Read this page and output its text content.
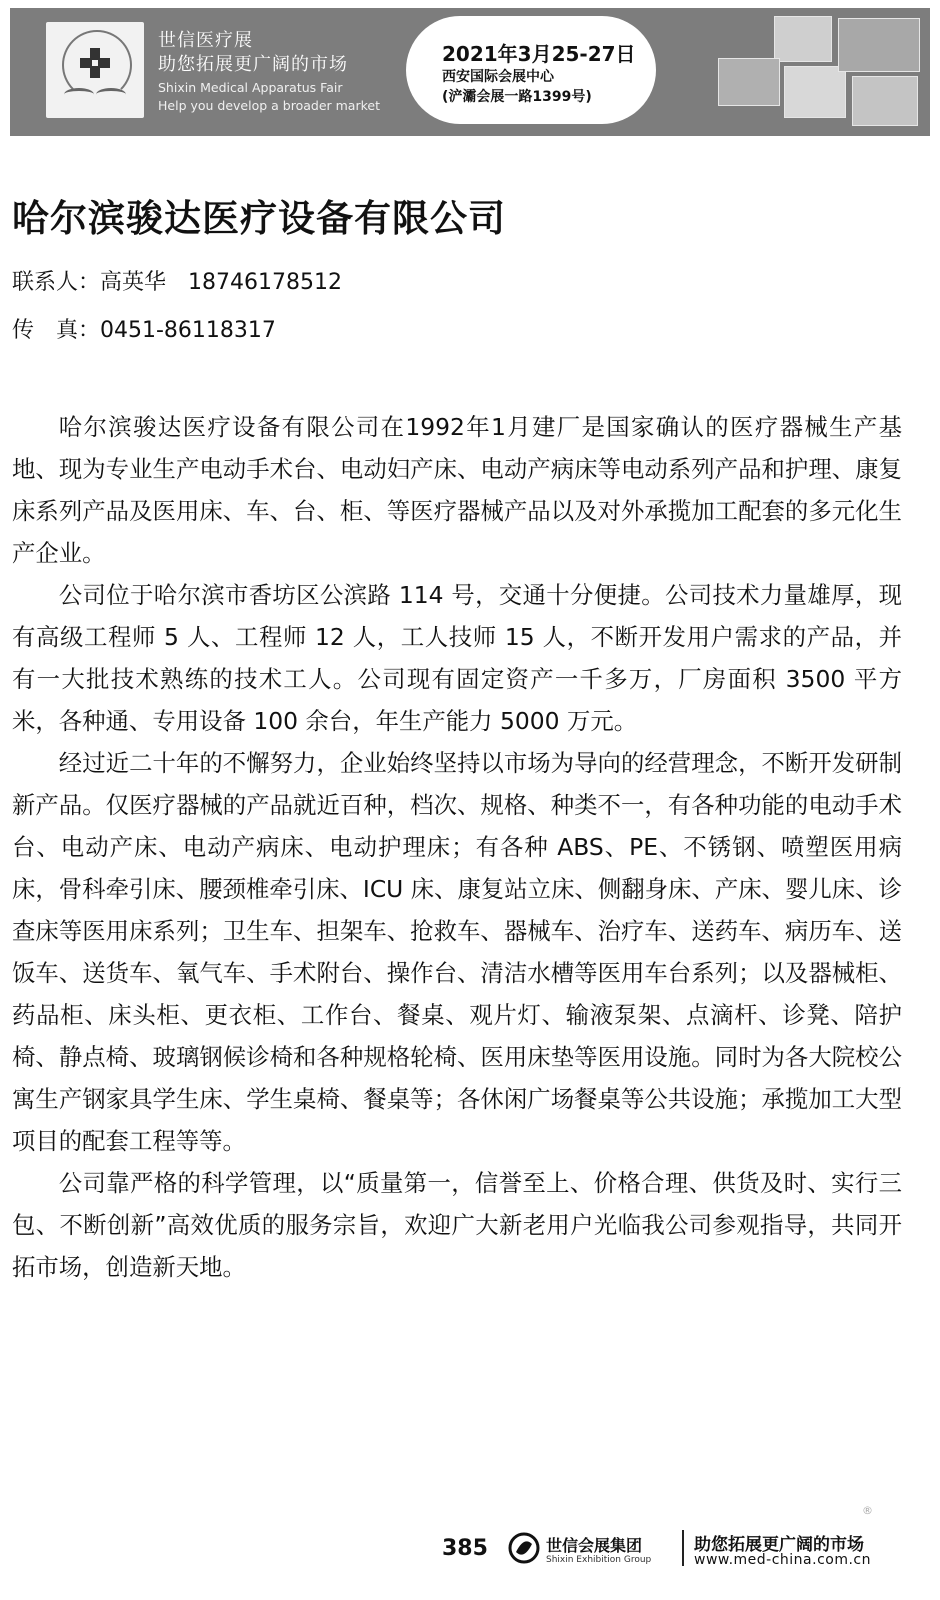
世信医疗展
助您拓展更广阔的市场
Shixin Medical Apparatus Fair
Help you develop a broader market
2021年3月25-27日
西安国际会展中心
(浐灞会展一路1399号)
哈尔滨骏达医疗设备有限公司
联系人：高英华　18746178512
传　真：0451-86118317

哈尔滨骏达医疗设备有限公司在1992年1月建厂是国家确认的医疗器械生产基地、现为专业生产电动手术台、电动妇产床、电动产病床等电动系列产品和护理、康复床系列产品及医用床、车、台、柜、等医疗器械产品以及对外承揽加工配套的多元化生产企业。

公司位于哈尔滨市香坊区公滨路 114 号，交通十分便捷。公司技术力量雄厚，现有高级工程师 5 人、工程师 12 人，工人技师 15 人，不断开发用户需求的产品，并有一大批技术熟练的技术工人。公司现有固定资产一千多万，厂房面积 3500 平方米，各种通、专用设备 100 余台，年生产能力 5000 万元。

经过近二十年的不懈努力，企业始终坚持以市场为导向的经营理念，不断开发研制新产品。仅医疗器械的产品就近百种，档次、规格、种类不一，有各种功能的电动手术台、电动产床、电动产病床、电动护理床；有各种 ABS、PE、不锈钢、喷塑医用病床，骨科牵引床、腰颈椎牵引床、ICU 床、康复站立床、侧翻身床、产床、婴儿床、诊查床等医用床系列；卫生车、担架车、抢救车、器械车、治疗车、送药车、病历车、送饭车、送货车、氧气车、手术附台、操作台、清洁水槽等医用车台系列；以及器械柜、药品柜、床头柜、更衣柜、工作台、餐桌、观片灯、输液泵架、点滴杆、诊凳、陪护椅、静点椅、玻璃钢候诊椅和各种规格轮椅、医用床垫等医用设施。同时为各大院校公寓生产钢家具学生床、学生桌椅、餐桌等；各休闲广场餐桌等公共设施；承揽加工大型项目的配套工程等等。

公司靠严格的科学管理，以“质量第一，信誉至上、价格合理、供货及时、实行三包、不断创新”高效优质的服务宗旨，欢迎广大新老用户光临我公司参观指导，共同开拓市场，创造新天地。

385	世信会展集团
Shixin Exhibition Group
助您拓展更广阔的市场
www.med-china.com.cn
®
